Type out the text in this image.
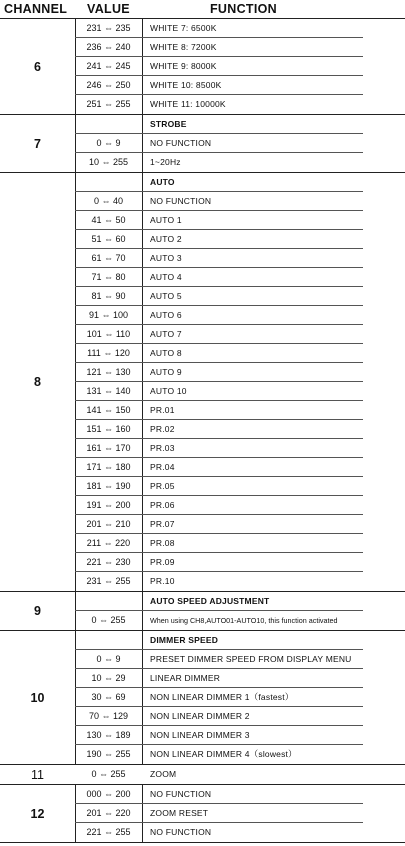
CHANNEL VALUE	FUNCTION
6
231 ⇔ 235	WHITE 7: 6500K
236 ⇔ 240	WHITE 8: 7200K
241 ⇔ 245	WHITE 9: 8000K
246 ⇔ 250	WHITE 10: 8500K
251 ⇔ 255	WHITE 11: 10000K
7
STROBE
0 ⇔ 9	NO FUNCTION
10 ⇔ 255	1~20Hz
8
AUTO
0 ⇔ 40	NO FUNCTION
41 ⇔ 50	AUTO 1
51 ⇔ 60	AUTO 2
61 ⇔ 70	AUTO 3
71 ⇔ 80	AUTO 4
81 ⇔ 90	AUTO 5
91 ⇔ 100	AUTO 6
101 ⇔ 110	AUTO 7
111 ⇔ 120	AUTO 8
121 ⇔ 130	AUTO 9
131 ⇔ 140	AUTO 10
141 ⇔ 150	PR.01
151 ⇔ 160	PR.02
161 ⇔ 170	PR.03
171 ⇔ 180	PR.04
181 ⇔ 190	PR.05
191 ⇔ 200	PR.06
201 ⇔ 210	PR.07
211 ⇔ 220	PR.08
221 ⇔ 230	PR.09
231 ⇔ 255	PR.10
9
AUTO SPEED ADJUSTMENT
0 ⇔ 255	When using CH8,AUTO01-AUTO10, this function activated
10
DIMMER SPEED
0 ⇔ 9	PRESET DIMMER SPEED FROM DISPLAY MENU
10 ⇔ 29	LINEAR DIMMER
30 ⇔ 69	NON LINEAR DIMMER 1（fastest）
70 ⇔ 129	NON LINEAR DIMMER 2
130 ⇔ 189	NON LINEAR DIMMER 3
190 ⇔ 255	NON LINEAR DIMMER 4（slowest）
11	0 ⇔ 255	ZOOM
12
000 ⇔ 200	NO FUNCTION
201 ⇔ 220	ZOOM RESET
221 ⇔ 255	NO FUNCTION
